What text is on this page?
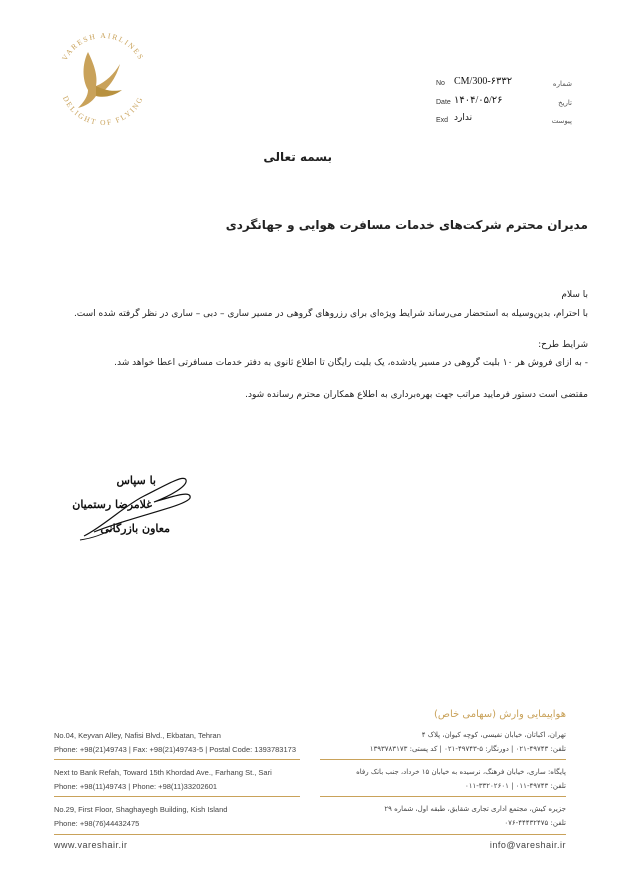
VARESH AIRLINES
DELIGHT OF FLYING
No CM/300-۶۳۳۲	شماره
Date ۱۴۰۴/۰۵/۲۶	تاریخ
Exd ندارد	پیوست
بسمه تعالی
مدیران محترم شرکت‌های خدمات مسافرت هوایی و جهانگردی
با سلام
با احترام، بدین‌وسیله به استحضار می‌رساند شرایط ویژه‌ای برای رزروهای گروهی در مسیر ساری – دبی – ساری در نظر گرفته شده است.
شرایط طرح:
- به ازای فروش هر ۱۰ بلیت گروهی در مسیر یادشده، یک بلیت رایگان تا اطلاع ثانوی به دفتر خدمات مسافرتی اعطا خواهد شد.
مقتضی است دستور فرمایید مراتب جهت بهره‌برداری به اطلاع همکاران محترم رسانده شود.
با سپاس
غلامرضا رستمیان
معاون بازرگانی
هواپیمایی وارش (سهامی خاص)
No.04, Keyvan Alley, Nafisi Blvd., Ekbatan, Tehran
Phone: +98(21)49743 | Fax: +98(21)49743-5 | Postal Code: 1393783173
تهران، اکباتان، خیابان نفیسی، کوچه کیوان، پلاک ۴
تلفن: ۴۹۷۴۳-۰۲۱ | دورنگار: ۵-۴۹۷۴۳-۰۲۱ | کد پستی: ۱۳۹۳۷۸۳۱۷۳
Next to Bank Refah, Toward 15th Khordad Ave., Farhang St., Sari
Phone: +98(11)49743 | Phone: +98(11)33202601
پایگاه: ساری، خیابان فرهنگ، نرسیده به خیابان ۱۵ خرداد، جنب بانک رفاه
تلفن: ۴۹۷۴۳-۰۱۱ | ۳۳۲۰۲۶۰۱-۰۱۱
No.29, First Floor, Shaghayegh Building, Kish Island
Phone: +98(76)44432475
جزیره کیش، مجتمع اداری تجاری شقایق، طبقه اول، شماره ۲۹
تلفن: ۴۴۴۳۲۴۷۵-۰۷۶
www.vareshair.ir	info@vareshair.ir
